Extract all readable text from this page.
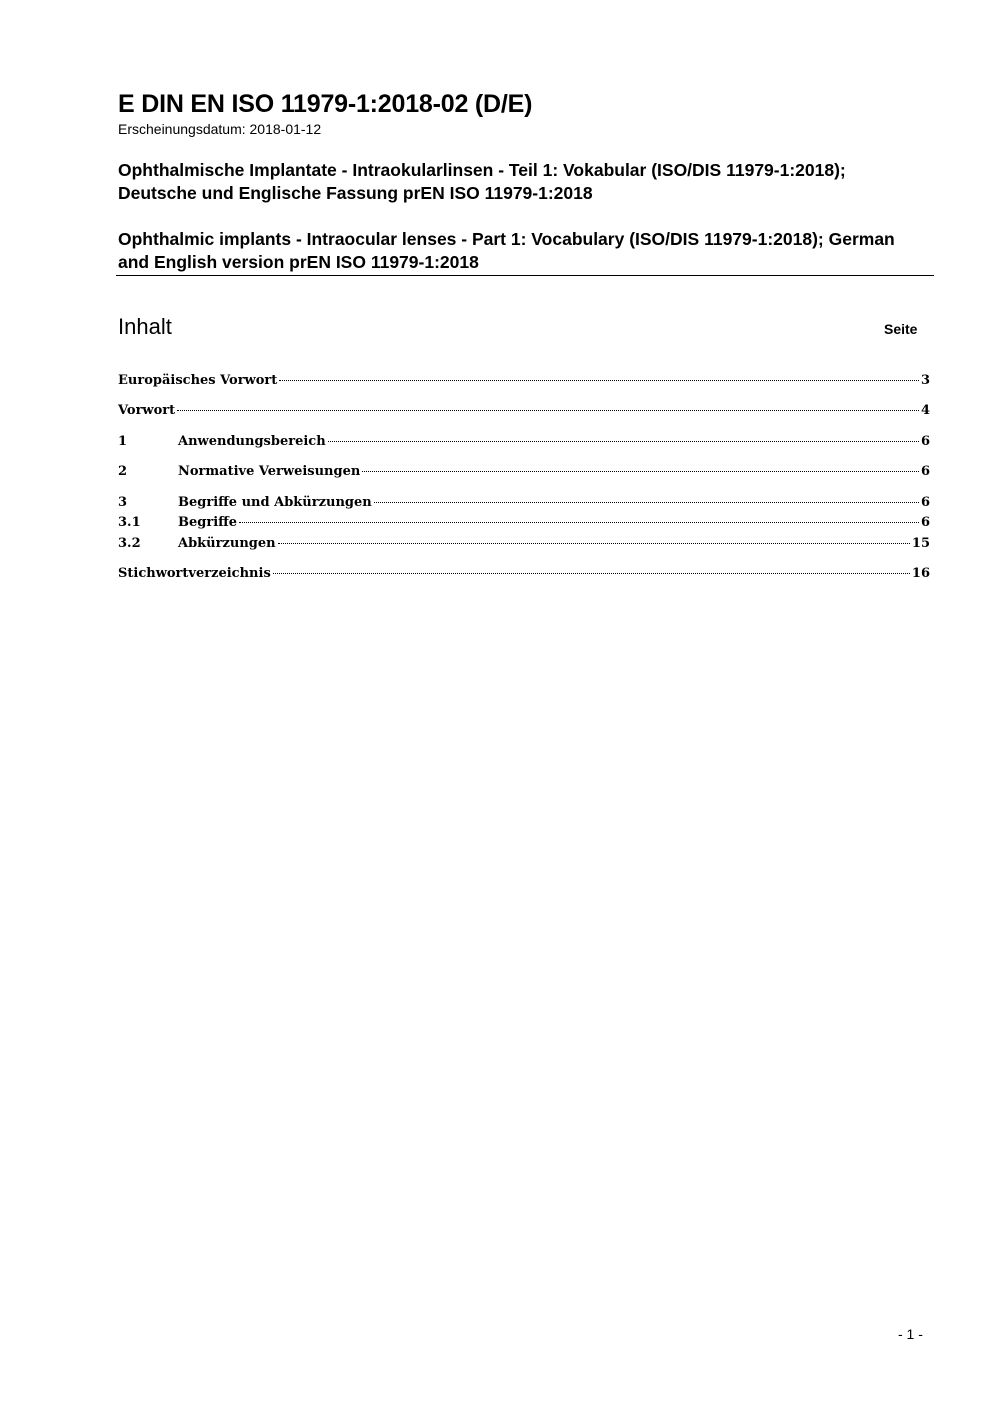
E DIN EN ISO 11979-1:2018-02 (D/E)
Erscheinungsdatum: 2018-01-12

Ophthalmische Implantate - Intraokularlinsen - Teil 1: Vokabular (ISO/DIS 11979-1:2018); Deutsche und Englische Fassung prEN ISO 11979-1:2018

Ophthalmic implants - Intraocular lenses - Part 1: Vocabulary (ISO/DIS 11979-1:2018); German and English version prEN ISO 11979-1:2018

Inhalt	Seite
Europäisches Vorwort	3
Vorwort	4
1	Anwendungsbereich	6
2	Normative Verweisungen	6
3	Begriffe und Abkürzungen	6
3.1	Begriffe	6
3.2	Abkürzungen	15
Stichwortverzeichnis	16
- 1 -
